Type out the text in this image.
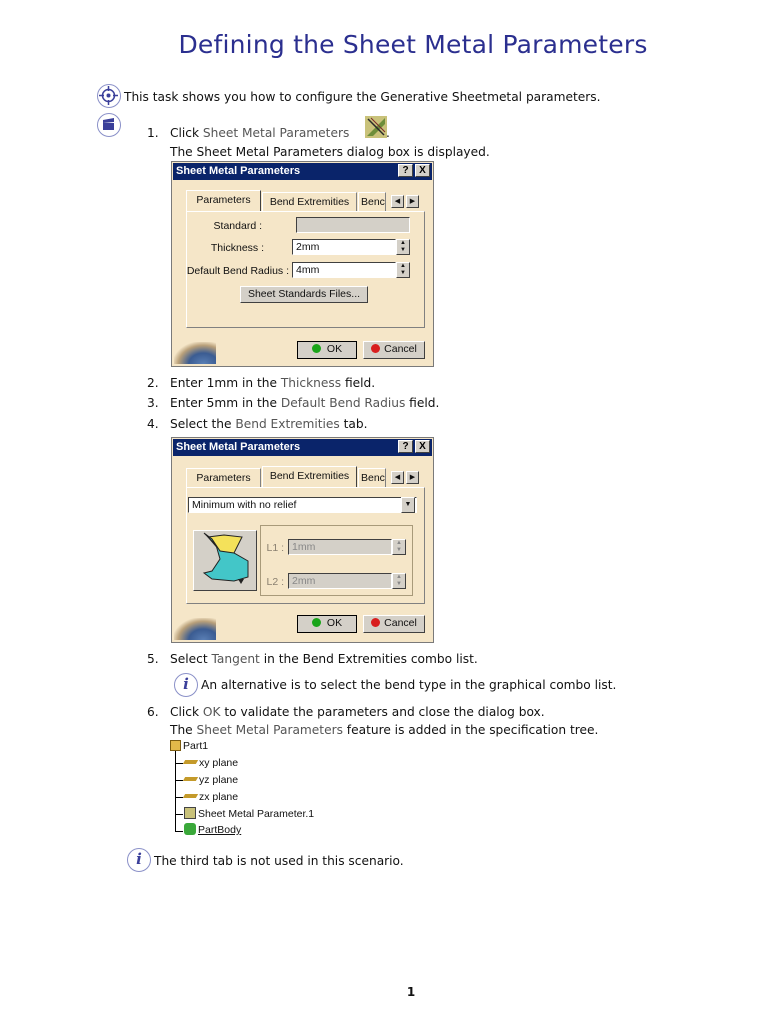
Defining the Sheet Metal Parameters
This task shows you how to configure the Generative Sheetmetal parameters.
1. Click Sheet Metal Parameters	.
The Sheet Metal Parameters dialog box is displayed.
Sheet Metal Parameters	?	X
Parameters	Bend Extremities	Benc	◀	▶
Standard :
Thickness :	2mm	▲
▼
Default Bend Radius : 4mm	▲
▼
Sheet Standards Files...
OK	Cancel
2. Enter 1mm in the Thickness field.
3. Enter 5mm in the Default Bend Radius field.
4. Select the Bend Extremities tab.
Sheet Metal Parameters	?	X
Parameters	Bend Extremities	Benc	◀	▶
Minimum with no relief	▼
L1 : 1mm	▲
▼
L2 : 2mm	▲
▼
OK	Cancel
5. Select Tangent in the Bend Extremities combo list.
i An alternative is to select the bend type in the graphical combo list.
6. Click OK to validate the parameters and close the dialog box.
The Sheet Metal Parameters feature is added in the specification tree.
Part1
xy plane
yz plane
zx plane
Sheet Metal Parameter.1
PartBody
i The third tab is not used in this scenario.
1
